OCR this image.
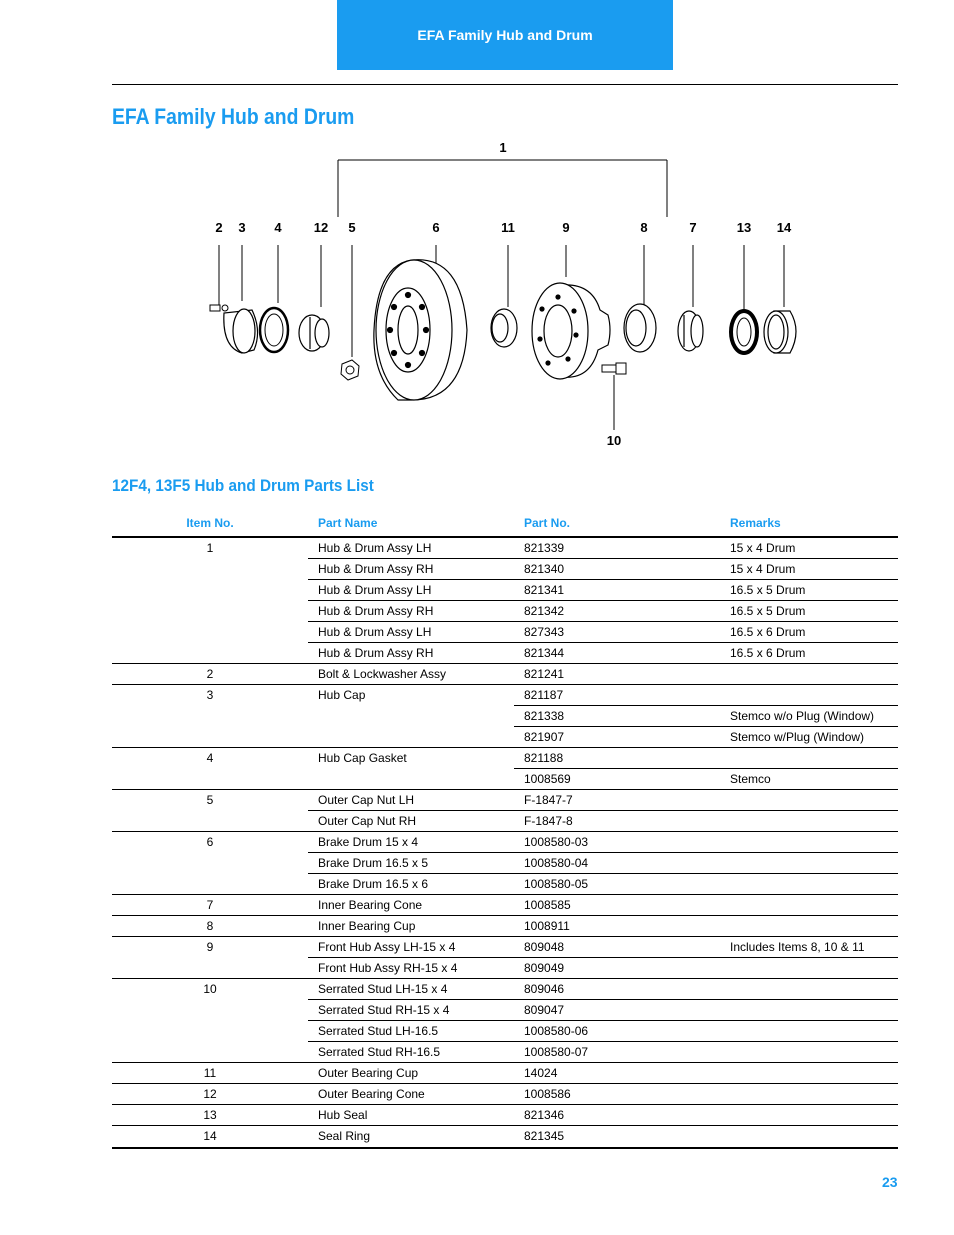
EFA Family Hub and Drum
EFA Family Hub and Drum
1
2 3 4 12 5	6	11	9	8	7	13 14
10
12F4, 13F5 Hub and Drum Parts List
Item No.	Part Name	Part No.	Remarks
1	Hub & Drum Assy LH	821339	15 x 4 Drum
	Hub & Drum Assy RH	821340	15 x 4 Drum
	Hub & Drum Assy LH	821341	16.5 x 5 Drum
	Hub & Drum Assy RH	821342	16.5 x 5 Drum
	Hub & Drum Assy LH	827343	16.5 x 6 Drum
	Hub & Drum Assy RH	821344	16.5 x 6 Drum
2	Bolt & Lockwasher Assy	821241	
3	Hub Cap	821187	
		821338	Stemco w/o Plug (Window)
		821907	Stemco w/Plug (Window)
4	Hub Cap Gasket	821188	
		1008569	Stemco
5	Outer Cap Nut LH	F-1847-7	
	Outer Cap Nut RH	F-1847-8	
6	Brake Drum 15 x 4	1008580-03	
	Brake Drum 16.5 x 5	1008580-04	
	Brake Drum 16.5 x 6	1008580-05	
7	Inner Bearing Cone	1008585	
8	Inner Bearing Cup	1008911	
9	Front Hub Assy LH-15 x 4	809048	Includes Items 8, 10 & 11
	Front Hub Assy RH-15 x 4	809049	
10	Serrated Stud LH-15 x 4	809046	
	Serrated Stud RH-15 x 4	809047	
	Serrated Stud LH-16.5	1008580-06	
	Serrated Stud RH-16.5	1008580-07	
11	Outer Bearing Cup	14024	
12	Outer Bearing Cone	1008586	
13	Hub Seal	821346	
14	Seal Ring	821345	
23
